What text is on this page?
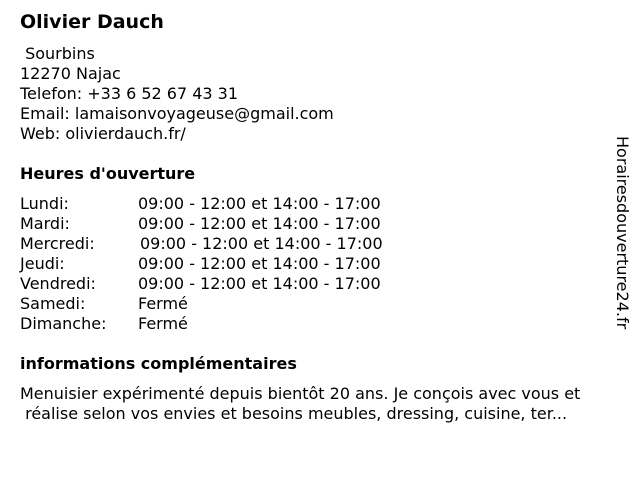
Olivier Dauch
Sourbins
12270 Najac
Telefon: +33 6 52 67 43 31
Email: lamaisonvoyageuse@gmail.com
Web: olivierdauch.fr/
Heures d'ouverture
Lundi:	09:00 - 12:00 et 14:00 - 17:00
Mardi:	09:00 - 12:00 et 14:00 - 17:00
Mercredi:	09:00 - 12:00 et 14:00 - 17:00
Jeudi:	09:00 - 12:00 et 14:00 - 17:00
Vendredi:	09:00 - 12:00 et 14:00 - 17:00
Samedi:	Fermé
Dimanche: Fermé
informations complémentaires
Menuisier expérimenté depuis bientôt 20 ans. Je conçois avec vous et
réalise selon vos envies et besoins meubles, dressing, cuisine, ter...
Horairesdouverture24.fr
